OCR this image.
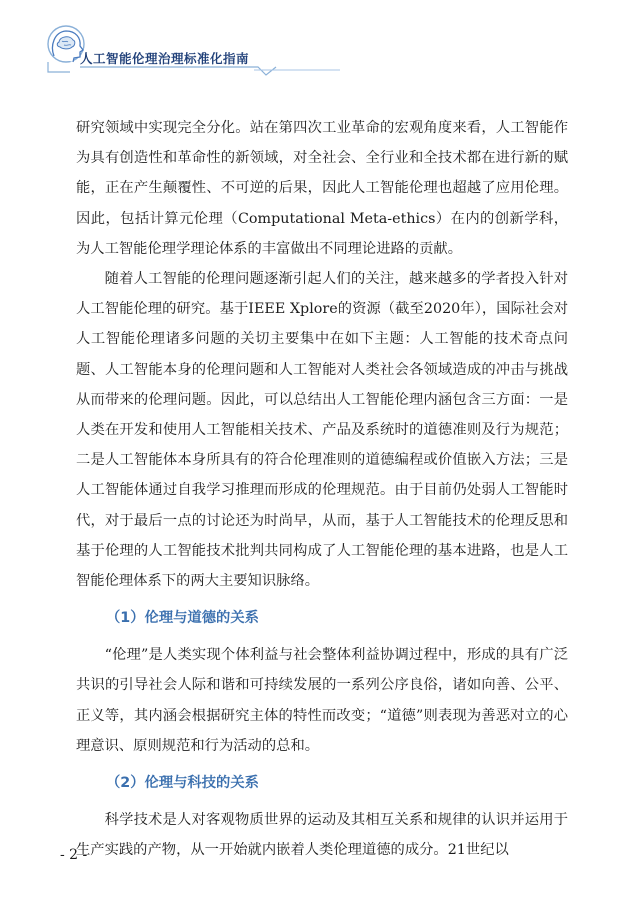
人工智能伦理治理标准化指南

研究领域中实现完全分化。站在第四次工业革命的宏观角度来看，人工智能作为具有创造性和革命性的新领域，对全社会、全行业和全技术都在进行新的赋能，正在产生颠覆性、不可逆的后果，因此人工智能伦理也超越了应用伦理。因此，包括计算元伦理（Computational Meta-ethics）在内的创新学科，为人工智能伦理学理论体系的丰富做出不同理论进路的贡献。

随着人工智能的伦理问题逐渐引起人们的关注，越来越多的学者投入针对人工智能伦理的研究。基于IEEE Xplore的资源（截至2020年），国际社会对人工智能伦理诸多问题的关切主要集中在如下主题：人工智能的技术奇点问题、人工智能本身的伦理问题和人工智能对人类社会各领域造成的冲击与挑战从而带来的伦理问题。因此，可以总结出人工智能伦理内涵包含三方面：一是人类在开发和使用人工智能相关技术、产品及系统时的道德准则及行为规范；二是人工智能体本身所具有的符合伦理准则的道德编程或价值嵌入方法；三是人工智能体通过自我学习推理而形成的伦理规范。由于目前仍处弱人工智能时代，对于最后一点的讨论还为时尚早，从而，基于人工智能技术的伦理反思和基于伦理的人工智能技术批判共同构成了人工智能伦理的基本进路，也是人工智能伦理体系下的两大主要知识脉络。

（1）伦理与道德的关系

“伦理”是人类实现个体利益与社会整体利益协调过程中，形成的具有广泛共识的引导社会人际和谐和可持续发展的一系列公序良俗，诸如向善、公平、正义等，其内涵会根据研究主体的特性而改变；“道德”则表现为善恶对立的心理意识、原则规范和行为活动的总和。

（2）伦理与科技的关系

科学技术是人对客观物质世界的运动及其相互关系和规律的认识并运用于生产实践的产物，从一开始就内嵌着人类伦理道德的成分。21世纪以

- 2 -
